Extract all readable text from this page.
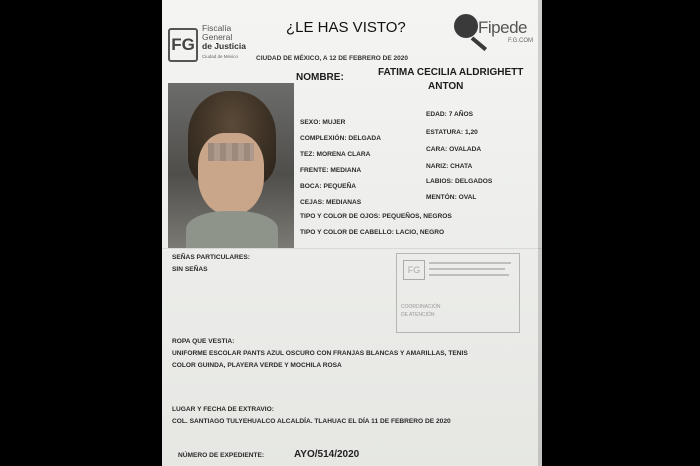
FG
Fiscalía
General
de Justicia
Ciudad de México
¿LE HAS VISTO?	Fipede
F.G.COM
CIUDAD DE MÉXICO, A 12 DE FEBRERO DE 2020
NOMBRE:	FATIMA CECILIA ALDRIGHETT
ANTON
EDAD: 7 AÑOS
SEXO: MUJER
COMPLEXIÓN: DELGADA
ESTATURA: 1,20
CARA: OVALADA
TEZ: MORENA CLARA
NARIZ: CHATA
FRENTE: MEDIANA
LABIOS: DELGADOS
BOCA: PEQUEÑA
MENTÓN: OVAL
CEJAS: MEDIANAS
TIPO Y COLOR DE OJOS: PEQUEÑOS, NEGROS
TIPO Y COLOR DE CABELLO: LACIO, NEGRO
SEÑAS PARTICULARES:
SIN SEÑAS	FG
COORDINACIÓN
DE ATENCIÓN
ROPA QUE VESTIA:
UNIFORME ESCOLAR PANTS AZUL OSCURO CON FRANJAS BLANCAS Y AMARILLAS, TENIS
COLOR GUINDA, PLAYERA VERDE Y MOCHILA ROSA
LUGAR Y FECHA DE EXTRAVIO:
COL. SANTIAGO TULYEHUALCO ALCALDÍA. TLAHUAC EL DÍA 11 DE FEBRERO DE 2020
NÚMERO DE EXPEDIENTE:	AYO/514/2020
